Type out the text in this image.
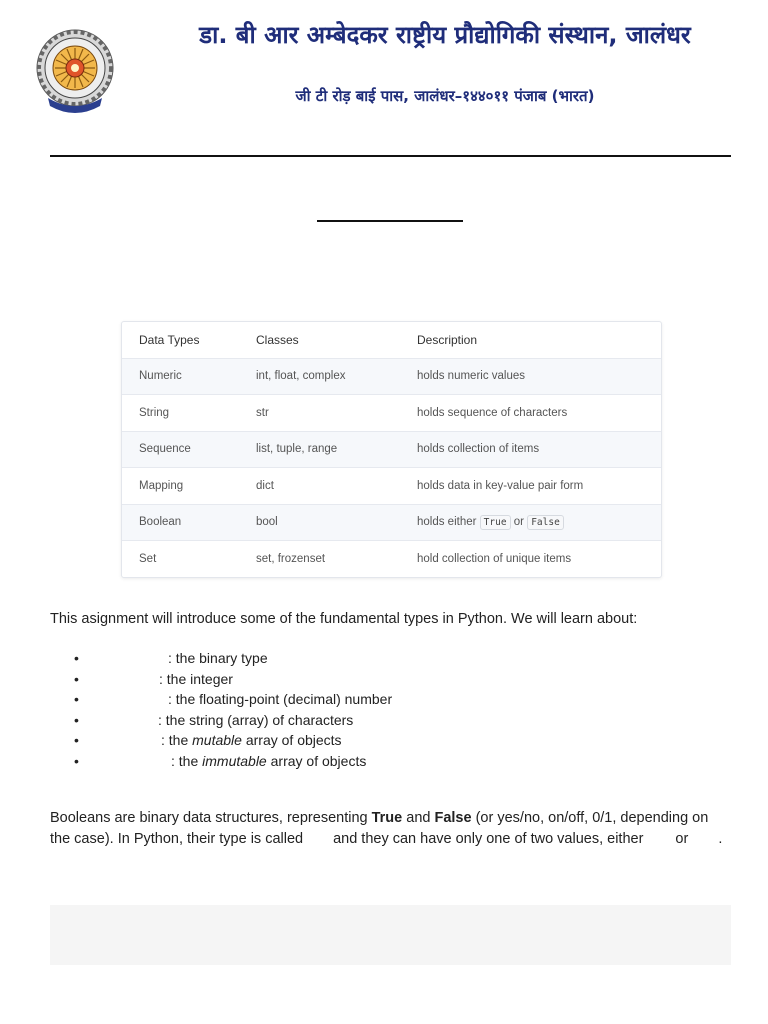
डा. बी आर अम्बेदकर राष्ट्रीय प्रौद्योगिकी संस्थान, जालंधर
जी टी रोड़ बाई पास, जालंधर–१४४०११ पंजाब (भारत)
Data Types	Classes	Description
Numeric	int, float, complex	holds numeric values
String	str	holds sequence of characters
Sequence	list, tuple, range	holds collection of items
Mapping	dict	holds data in key-value pair form
Boolean	bool	holds either True or False
Set	set, frozenset	hold collection of unique items
This asignment will introduce some of the fundamental types in Python. We will learn about:
•	: the binary type
•	: the integer
•	: the floating-point (decimal) number
•	: the string (array) of characters
•	: the mutable array of objects
•	: the immutable array of objects
Booleans are binary data structures, representing True and False (or yes/no, on/off, 0/1, depending on the case). In Python, their type is called and they can have only one of two values, either or .
